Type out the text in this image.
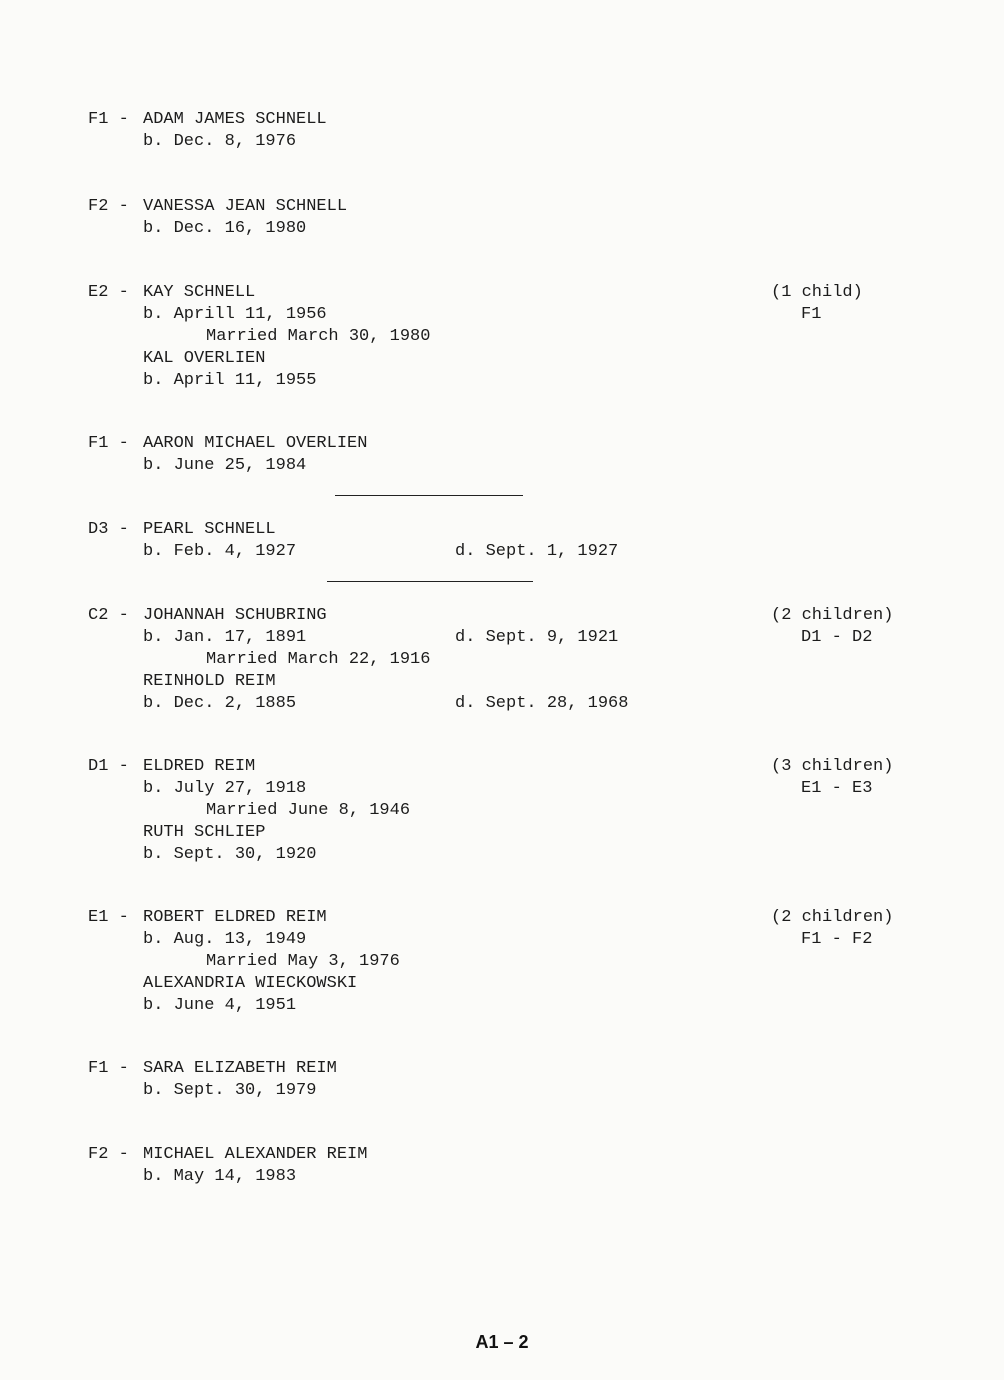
F1 - ADAM JAMES SCHNELL
b. Dec. 8, 1976
F2 - VANESSA JEAN SCHNELL
b. Dec. 16, 1980
E2 - KAY SCHNELL
b. Aprill 11, 1956
Married March 30, 1980
KAL OVERLIEN
b. April 11, 1955
(1 child)
F1
F1 - AARON MICHAEL OVERLIEN
b. June 25, 1984
D3 - PEARL SCHNELL
b. Feb. 4, 1927	d. Sept. 1, 1927
C2 - JOHANNAH SCHUBRING
b. Jan. 17, 1891	d. Sept. 9, 1921
Married March 22, 1916
REINHOLD REIM
b. Dec. 2, 1885	d. Sept. 28, 1968
(2 children)
D1 - D2
D1 - ELDRED REIM
b. July 27, 1918
Married June 8, 1946
RUTH SCHLIEP
b. Sept. 30, 1920
(3 children)
E1 - E3
E1 - ROBERT ELDRED REIM
b. Aug. 13, 1949
Married May 3, 1976
ALEXANDRIA WIECKOWSKI
b. June 4, 1951
(2 children)
F1 - F2
F1 - SARA ELIZABETH REIM
b. Sept. 30, 1979
F2 - MICHAEL ALEXANDER REIM
b. May 14, 1983
A1 – 2
